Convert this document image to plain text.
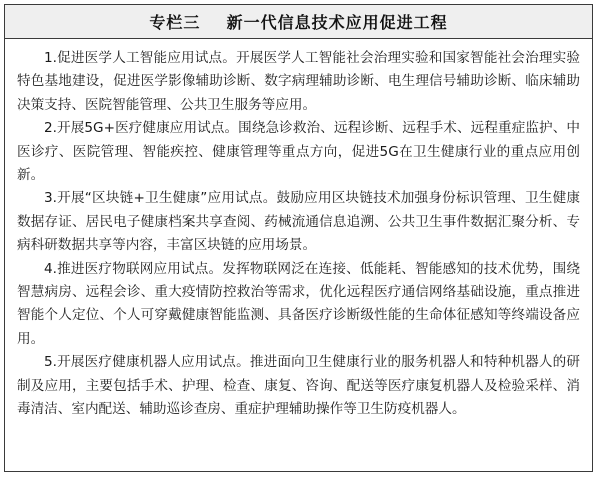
专栏三    新一代信息技术应用促进工程

1.促进医学人工智能应用试点。开展医学人工智能社会治理实验和国家智能社会治理实验特色基地建设，促进医学影像辅助诊断、数字病理辅助诊断、电生理信号辅助诊断、临床辅助决策支持、医院智能管理、公共卫生服务等应用。

2.开展5G+医疗健康应用试点。围绕急诊救治、远程诊断、远程手术、远程重症监护、中医诊疗、医院管理、智能疾控、健康管理等重点方向，促进5G在卫生健康行业的重点应用创新。

3.开展“区块链+卫生健康”应用试点。鼓励应用区块链技术加强身份标识管理、卫生健康数据存证、居民电子健康档案共享查阅、药械流通信息追溯、公共卫生事件数据汇聚分析、专病科研数据共享等内容，丰富区块链的应用场景。

4.推进医疗物联网应用试点。发挥物联网泛在连接、低能耗、智能感知的技术优势，围绕智慧病房、远程会诊、重大疫情防控救治等需求，优化远程医疗通信网络基础设施，重点推进智能个人定位、个人可穿戴健康智能监测、具备医疗诊断级性能的生命体征感知等终端设备应用。

5.开展医疗健康机器人应用试点。推进面向卫生健康行业的服务机器人和特种机器人的研制及应用，主要包括手术、护理、检查、康复、咨询、配送等医疗康复机器人及检验采样、消毒清洁、室内配送、辅助巡诊查房、重症护理辅助操作等卫生防疫机器人。
